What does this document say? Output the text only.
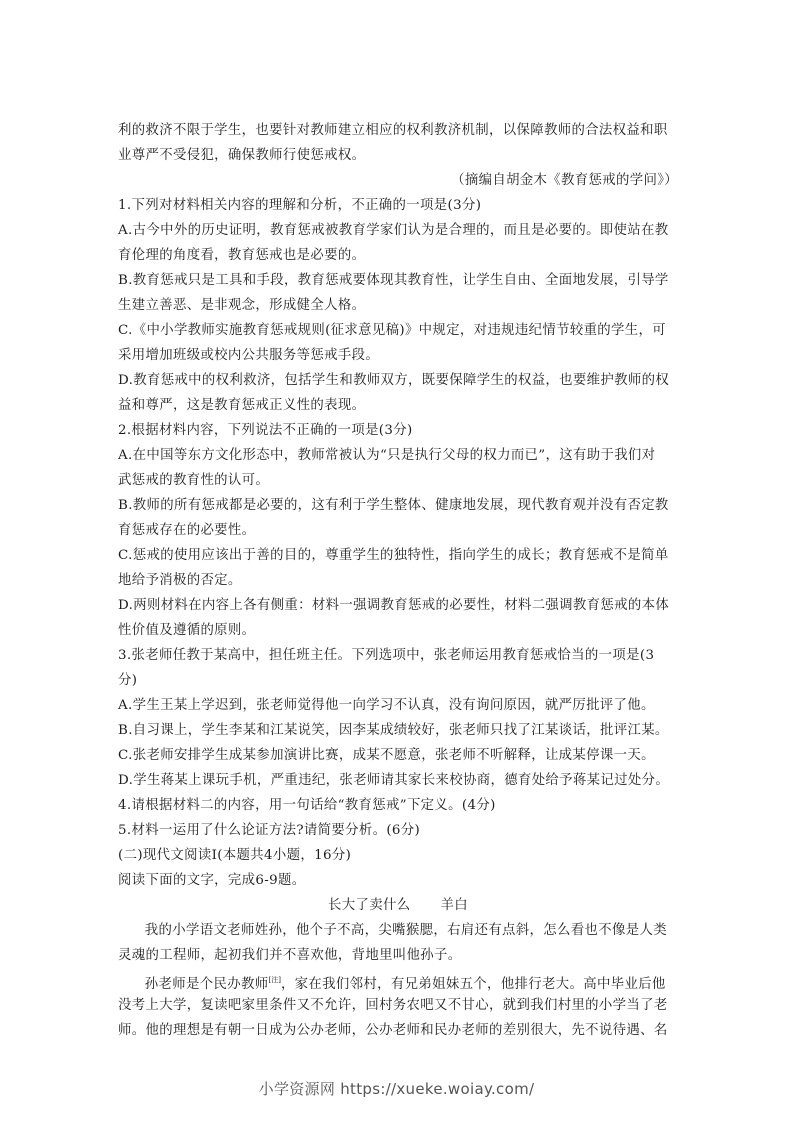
利的救济不限于学生，也要针对教师建立相应的权利教济机制，以保障教师的合法权益和职
业尊严不受侵犯，确保教师行使惩戒权。
（摘编自胡金木《教育惩戒的学问》）
1.下列对材料相关内容的理解和分析，不正确的一项是(3分)
A.古今中外的历史证明，教育惩戒被教育学家们认为是合理的，而且是必要的。即使站在教
育伦理的角度看，教育惩戒也是必要的。
B.教育惩戒只是工具和手段，教育惩戒要体现其教育性，让学生自由、全面地发展，引导学
生建立善恶、是非观念，形成健全人格。
C.《中小学教师实施教育惩戒规则(征求意见稿)》中规定，对违规违纪情节较重的学生，可
采用增加班级或校内公共服务等惩戒手段。
D.教育惩戒中的权利救济，包括学生和教师双方，既要保障学生的权益，也要维护教师的权
益和尊严，这是教育惩戒正义性的表现。
2.根据材料内容，下列说法不正确的一项是(3分)
A.在中国等东方文化形态中，教师常被认为“只是执行父母的权力而已”，这有助于我们对
武惩戒的教育性的认可。
B.教师的所有惩戒都是必要的，这有利于学生整体、健康地发展，现代教育观并没有否定教
育惩戒存在的必要性。
C.惩戒的使用应该出于善的目的，尊重学生的独特性，指向学生的成长；教育惩戒不是简单
地给予消极的否定。
D.两则材料在内容上各有侧重：材料一强调教育惩戒的必要性，材料二强调教育惩戒的本体
性价值及遵循的原则。
3.张老师任教于某高中，担任班主任。下列选项中，张老师运用教育惩戒恰当的一项是(3
分)
A.学生王某上学迟到，张老师觉得他一向学习不认真，没有询问原因，就严厉批评了他。
B.自习课上，学生李某和江某说笑，因李某成绩较好，张老师只找了江某谈话，批评江某。
C.张老师安排学生成某参加演讲比赛，成某不愿意，张老师不听解释，让成某停课一天。
D.学生蒋某上课玩手机，严重违纪，张老师请其家长来校协商，德育处给予蒋某记过处分。
4.请根据材料二的内容，用一句话给“教育惩戒”下定义。(4分)
5.材料一运用了什么论证方法?请简要分析。(6分)
(二)现代文阅读Ⅰ(本题共4小题，16分)
阅读下面的文字，完成6-9题。
长大了卖什么 羊白
我的小学语文老师姓孙，他个子不高，尖嘴猴腮，右肩还有点斜，怎么看也不像是人类
灵魂的工程师，起初我们并不喜欢他，背地里叫他孙子。
孙老师是个民办教师[注]，家在我们邻村，有兄弟姐妹五个，他排行老大。高中毕业后他
没考上大学，复读吧家里条件又不允许，回村务农吧又不甘心，就到我们村里的小学当了老
师。他的理想是有朝一日成为公办老师，公办老师和民办老师的差别很大，先不说待遇、名
小学资源网 https://xueke.woiay.com/
